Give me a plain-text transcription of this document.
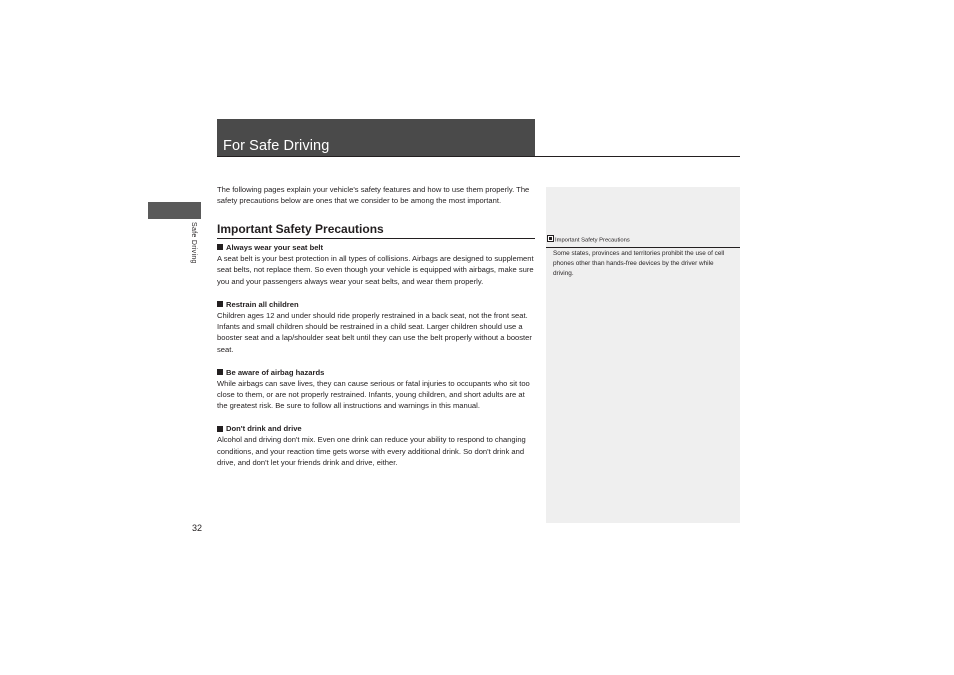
For Safe Driving
Safe Driving

The following pages explain your vehicle's safety features and how to use them properly. The safety precautions below are ones that we consider to be among the most important.

Important Safety Precautions
Always wear your seat belt

A seat belt is your best protection in all types of collisions. Airbags are designed to supplement seat belts, not replace them. So even though your vehicle is equipped with airbags, make sure you and your passengers always wear your seat belts, and wear them properly.

Restrain all children

Children ages 12 and under should ride properly restrained in a back seat, not the front seat. Infants and small children should be restrained in a child seat. Larger children should use a booster seat and a lap/shoulder seat belt until they can use the belt properly without a booster seat.

Be aware of airbag hazards

While airbags can save lives, they can cause serious or fatal injuries to occupants who sit too close to them, or are not properly restrained. Infants, young children, and short adults are at the greatest risk. Be sure to follow all instructions and warnings in this manual.

Don't drink and drive

Alcohol and driving don't mix. Even one drink can reduce your ability to respond to changing conditions, and your reaction time gets worse with every additional drink. So don't drink and drive, and don't let your friends drink and drive, either.

Important Safety Precautions
Some states, provinces and territories prohibit the use of cell phones other than hands-free devices by the driver while driving.
32
